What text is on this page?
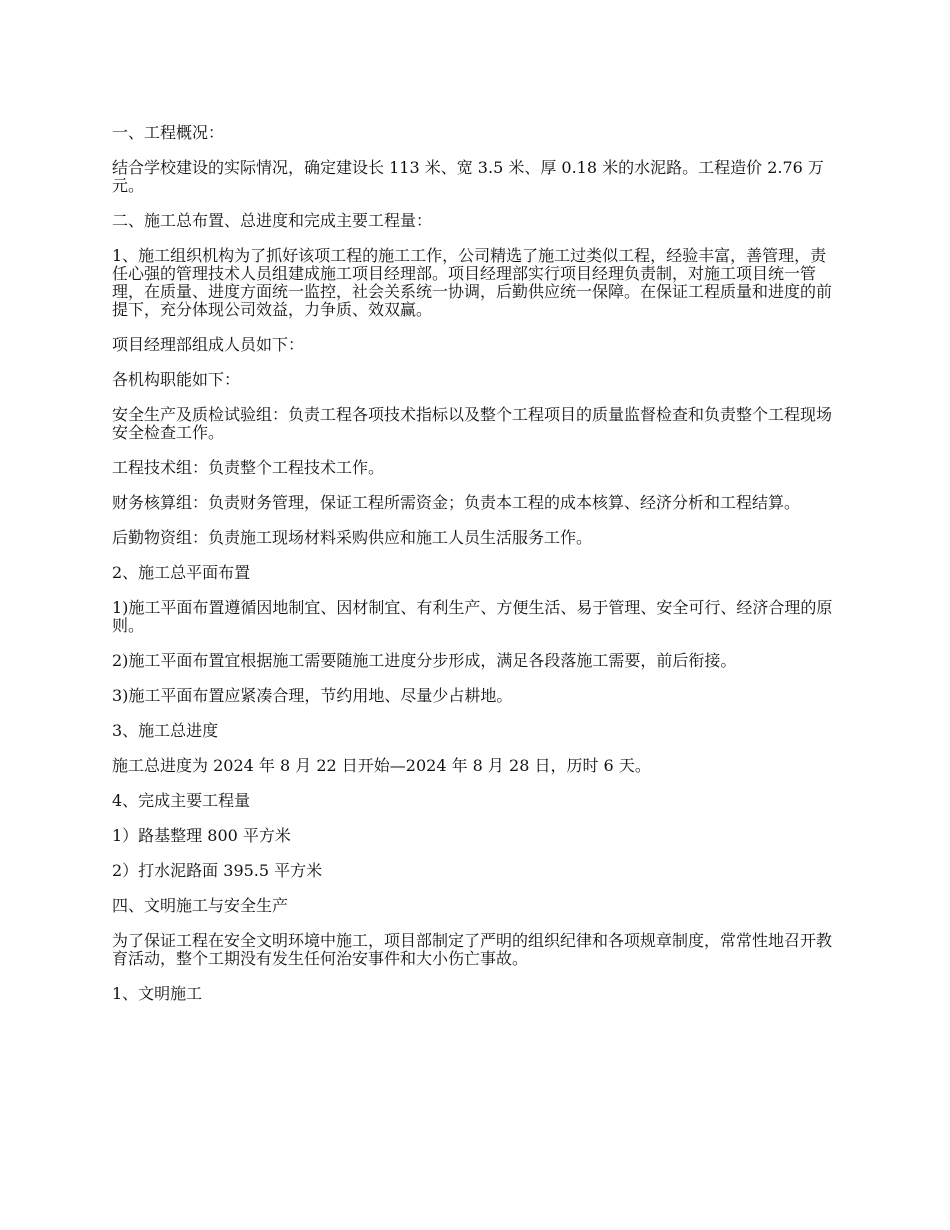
一、工程概况：

结合学校建设的实际情况，确定建设长 113 米、宽 3.5 米、厚 0.18 米的水泥路。工程造价 2.76 万元。

二、施工总布置、总进度和完成主要工程量：

1、施工组织机构为了抓好该项工程的施工工作，公司精选了施工过类似工程，经验丰富，善管理，责任心强的管理技术人员组建成施工项目经理部。项目经理部实行项目经理负责制，对施工项目统一管理，在质量、进度方面统一监控，社会关系统一协调，后勤供应统一保障。在保证工程质量和进度的前提下，充分体现公司效益，力争质、效双赢。

项目经理部组成人员如下：

各机构职能如下：

安全生产及质检试验组：负责工程各项技术指标以及整个工程项目的质量监督检查和负责整个工程现场安全检查工作。

工程技术组：负责整个工程技术工作。

财务核算组：负责财务管理，保证工程所需资金；负责本工程的成本核算、经济分析和工程结算。

后勤物资组：负责施工现场材料采购供应和施工人员生活服务工作。

2、施工总平面布置

1)施工平面布置遵循因地制宜、因材制宜、有利生产、方便生活、易于管理、安全可行、经济合理的原则。

2)施工平面布置宜根据施工需要随施工进度分步形成，满足各段落施工需要，前后衔接。

3)施工平面布置应紧凑合理，节约用地、尽量少占耕地。

3、施工总进度

施工总进度为 2024 年 8 月 22 日开始—2024 年 8 月 28 日，历时 6 天。

4、完成主要工程量

1）路基整理 800 平方米

2）打水泥路面 395.5 平方米

四、文明施工与安全生产

为了保证工程在安全文明环境中施工，项目部制定了严明的组织纪律和各项规章制度，常常性地召开教育活动，整个工期没有发生任何治安事件和大小伤亡事故。

1、文明施工
